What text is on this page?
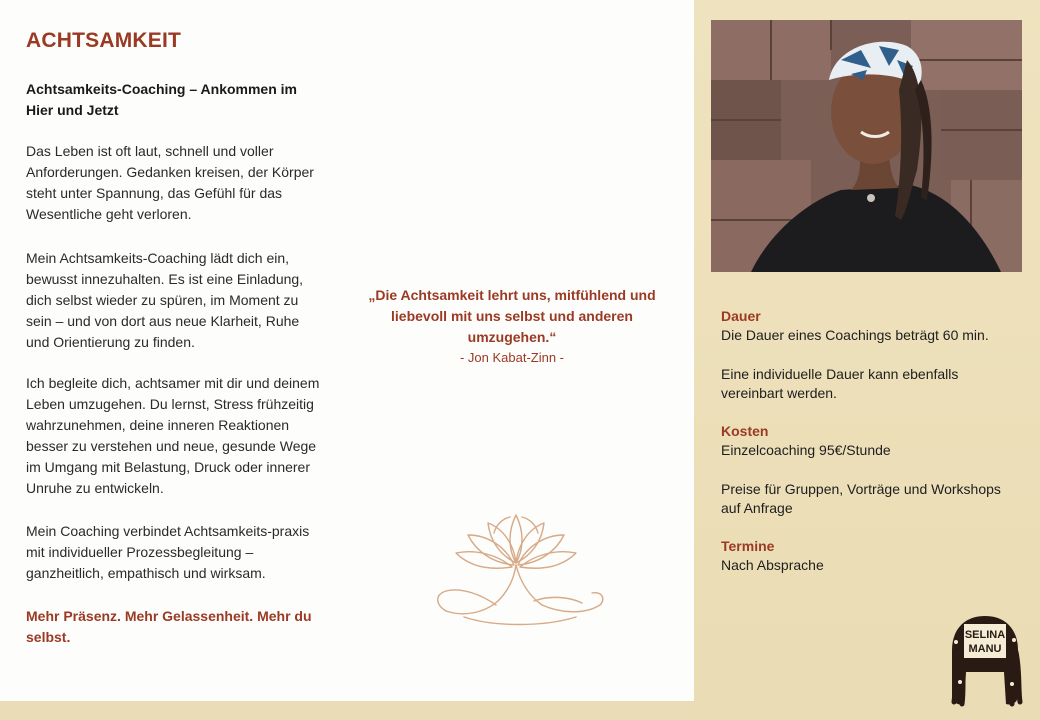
ACHTSAMKEIT

Achtsamkeits-Coaching – Ankommen im Hier und Jetzt

Das Leben ist oft laut, schnell und voller Anforderungen. Gedanken kreisen, der Körper steht unter Spannung, das Gefühl für das Wesentliche geht verloren.

Mein Achtsamkeits-Coaching lädt dich ein, bewusst innezuhalten. Es ist eine Einladung, dich selbst wieder zu spüren, im Moment zu sein – und von dort aus neue Klarheit, Ruhe und Orientierung zu finden.

Ich begleite dich, achtsamer mit dir und deinem Leben umzugehen. Du lernst, Stress frühzeitig wahrzunehmen, deine inneren Reaktionen besser zu verstehen und neue, gesunde Wege im Umgang mit Belastung, Druck oder innerer Unruhe zu entwickeln.

Mein Coaching verbindet Achtsamkeits-praxis mit individueller Prozessbegleitung – ganzheitlich, empathisch und wirksam.

Mehr Präsenz. Mehr Gelassenheit. Mehr du selbst.

„Die Achtsamkeit lehrt uns, mitfühlend und liebevoll mit uns selbst und anderen umzugehen.“

- Jon Kabat-Zinn -

Dauer

Die Dauer eines Coachings beträgt 60 min.

Eine individuelle Dauer kann ebenfalls vereinbart werden.

Kosten

Einzelcoaching 95€/Stunde

Preise für Gruppen, Vorträge und Workshops auf Anfrage

Termine

Nach Absprache

SELINA
MANU
